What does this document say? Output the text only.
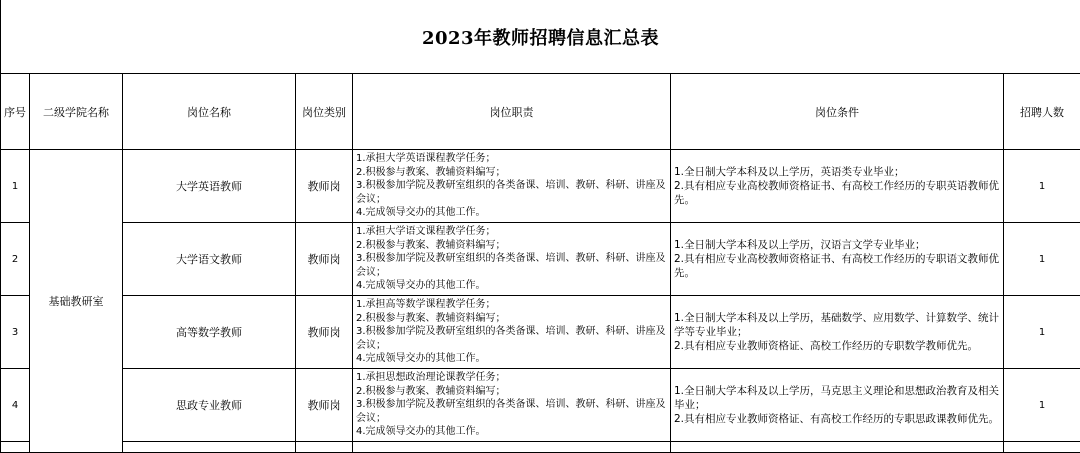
2023年教师招聘信息汇总表
序号	二级学院名称	岗位名称	岗位类别	岗位职责	岗位条件	招聘人数
1	基础教研室	大学英语教师	教师岗	1.承担大学英语课程教学任务；
2.积极参与教案、教辅资料编写；
3.积极参加学院及教研室组织的各类备课、培训、教研、科研、讲座及会议；
4.完成领导交办的其他工作。	1.全日制大学本科及以上学历，英语类专业毕业；
2.具有相应专业高校教师资格证书、有高校工作经历的专职英语教师优先。	1
2		大学语文教师	教师岗	1.承担大学语文课程教学任务；
2.积极参与教案、教辅资料编写；
3.积极参加学院及教研室组织的各类备课、培训、教研、科研、讲座及会议；
4.完成领导交办的其他工作。	1.全日制大学本科及以上学历，汉语言文学专业毕业；
2.具有相应专业高校教师资格证书、有高校工作经历的专职语文教师优先。	1
3		高等数学教师	教师岗	1.承担高等数学课程教学任务；
2.积极参与教案、教辅资料编写；
3.积极参加学院及教研室组织的各类备课、培训、教研、科研、讲座及会议；
4.完成领导交办的其他工作。	1.全日制大学本科及以上学历，基础数学、应用数学、计算数学、统计学等专业毕业；
2.具有相应专业教师资格证、高校工作经历的专职数学教师优先。	1
4		思政专业教师	教师岗	1.承担思想政治理论课教学任务；
2.积极参与教案、教辅资料编写；
3.积极参加学院及教研室组织的各类备课、培训、教研、科研、讲座及会议；
4.完成领导交办的其他工作。	1.全日制大学本科及以上学历，马克思主义理论和思想政治教育及相关毕业；
2.具有相应专业教师资格证、有高校工作经历的专职思政课教师优先。	1
